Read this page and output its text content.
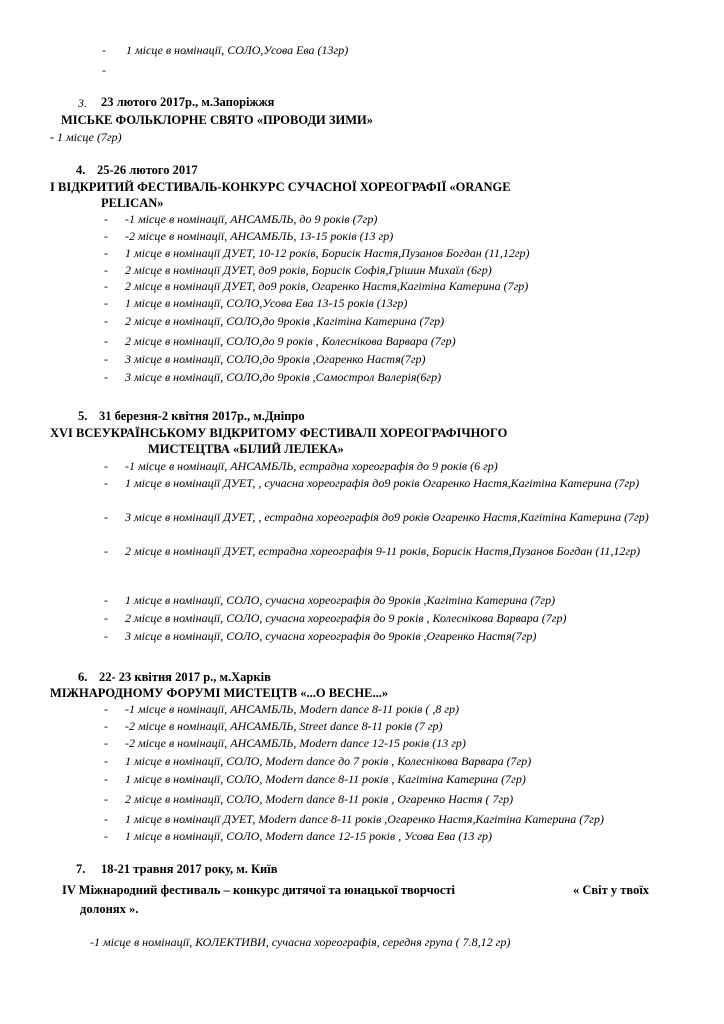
- 1 місце в номінації, СОЛО,Усова Ева (13гр)
-
3. 23 лютого 2017р., м.Запоріжжя
МІСЬКЕ ФОЛЬКЛОРНЕ СВЯТО «ПРОВОДИ ЗИМИ»
- 1 місце (7гр)
4. 25-26 лютого 2017
І ВІДКРИТИЙ ФЕСТИВАЛЬ-КОНКУРС СУЧАСНОЇ ХОРЕОГРАФІЇ «ORANGE
PELICAN»
- -1 місце в номінації, АНСАМБЛЬ, до 9 років (7гр)
- -2 місце в номінації, АНСАМБЛЬ, 13-15 років (13 гр)
- 1 місце в номінації ДУЕТ, 10-12 років, Борисік Настя,Пузанов Богдан (11,12гр)
- 2 місце в номінації ДУЕТ, до9 років, Борисік Софія,Грішин Михаїл (6гр)
- 2 місце в номінації ДУЕТ, до9 років, Огаренко Настя,Кагітіна Катерина (7гр)
- 1 місце в номінації, СОЛО,Усова Ева 13-15 років (13гр)
- 2 місце в номінації, СОЛО,до 9років ,Кагітіна Катерина (7гр)
- 2 місце в номінації, СОЛО,до 9 років , Колеснікова Варвара (7гр)
- 3 місце в номінації, СОЛО,до 9років ,Огаренко Настя(7гр)
- 3 місце в номінації, СОЛО,до 9років ,Самострол Валерія(6гр)
5. 31 березня-2 квітня 2017р., м.Дніпро
XVI ВСЕУКРАЇНСЬКОМУ ВІДКРИТОМУ ФЕСТИВАЛІ ХОРЕОГРАФІЧНОГО
МИСТЕЦТВА «БІЛИЙ ЛЕЛЕКА»
- -1 місце в номінації, АНСАМБЛЬ, естрадна хореографія до 9 років (6 гр)
- 1 місце в номінації ДУЕТ, , сучасна хореографія до9 років Огаренко Настя,Кагітіна Катерина (7гр)
- 3 місце в номінації ДУЕТ, , естрадна хореографія до9 років Огаренко Настя,Кагітіна Катерина (7гр)
- 2 місце в номінації ДУЕТ, естрадна хореографія 9-11 років, Борисік Настя,Пузанов Богдан (11,12гр)
- 1 місце в номінації, СОЛО, сучасна хореографія до 9років ,Кагітіна Катерина (7гр)
- 2 місце в номінації, СОЛО, сучасна хореографія до 9 років , Колеснікова Варвара (7гр)
- 3 місце в номінації, СОЛО, сучасна хореографія до 9років ,Огаренко Настя(7гр)
6. 22- 23 квітня 2017 р., м.Харків
МІЖНАРОДНОМУ ФОРУМІ МИСТЕЦТВ «...О ВЕСНЕ...»
- -1 місце в номінації, АНСАМБЛЬ, Modern dance 8-11 років ( ,8 гр)
- -2 місце в номінації, АНСАМБЛЬ, Street dance 8-11 років (7 гр)
- -2 місце в номінації, АНСАМБЛЬ, Modern dance 12-15 років (13 гр)
- 1 місце в номінації, СОЛО, Modern dance до 7 років , Колеснікова Варвара (7гр)
- 1 місце в номінації, СОЛО, Modern dance 8-11 років , Кагітіна Катерина (7гр)
- 2 місце в номінації, СОЛО, Modern dance 8-11 років , Огаренко Настя ( 7гр)
- 1 місце в номінації ДУЕТ, Modern dance 8-11 років ,Огаренко Настя,Кагітіна Катерина (7гр)
- 1 місце в номінації, СОЛО, Modern dance 12-15 років , Усова Ева (13 гр)
7. 18-21 травня 2017 року, м. Київ
IV Міжнародний фестиваль – конкурс дитячої та юнацької творчості	« Світ у твоїх
долонях ».
-1 місце в номінації, КОЛЕКТИВИ, сучасна хореографія, середня група ( 7.8,12 гр)
